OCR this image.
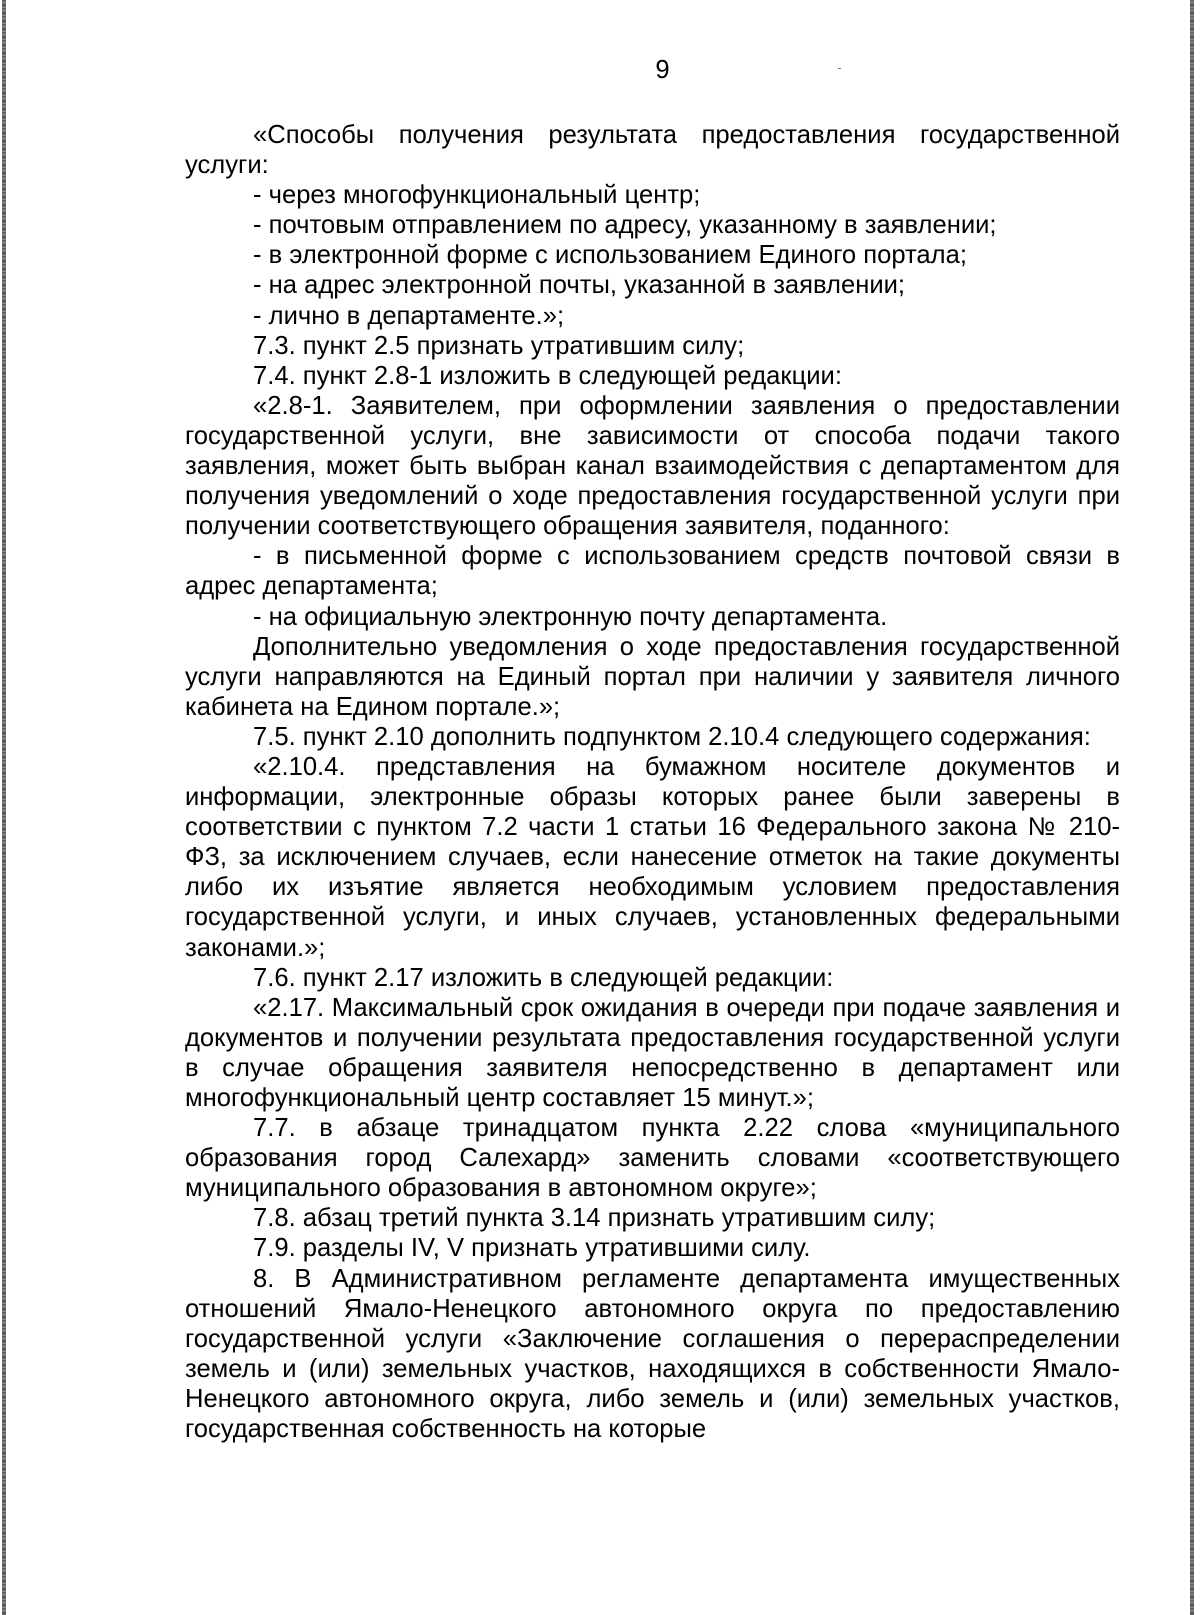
9

«Способы получения результата предоставления государственной услуги:

- через многофункциональный центр;

- почтовым отправлением по адресу, указанному в заявлении;

- в электронной форме с использованием Единого портала;

- на адрес электронной почты, указанной в заявлении;

- лично в департаменте.»;

7.3. пункт 2.5 признать утратившим силу;

7.4. пункт 2.8-1 изложить в следующей редакции:

«2.8-1. Заявителем, при оформлении заявления о предоставлении государственной услуги, вне зависимости от способа подачи такого заявления, может быть выбран канал взаимодействия с департаментом для получения уведомлений о ходе предоставления государственной услуги при получении соответствующего обращения заявителя, поданного:

- в письменной форме с использованием средств почтовой связи в адрес департамента;

- на официальную электронную почту департамента.

Дополнительно уведомления о ходе предоставления государственной услуги направляются на Единый портал при наличии у заявителя личного кабинета на Едином портале.»;

7.5. пункт 2.10 дополнить подпунктом 2.10.4 следующего содержания:

«2.10.4. представления на бумажном носителе документов и информации, электронные образы которых ранее были заверены в соответствии с пунктом 7.2 части 1 статьи 16 Федерального закона № 210-ФЗ, за исключением случаев, если нанесение отметок на такие документы либо их изъятие является необходимым условием предоставления государственной услуги, и иных случаев, установленных федеральными законами.»;

7.6. пункт 2.17 изложить в следующей редакции:

«2.17. Максимальный срок ожидания в очереди при подаче заявления и документов и получении результата предоставления государственной услуги в случае обращения заявителя непосредственно в департамент или многофункциональный центр составляет 15 минут.»;

7.7. в абзаце тринадцатом пункта 2.22 слова «муниципального образования город Салехард» заменить словами «соответствующего муниципального образования в автономном округе»;

7.8. абзац третий пункта 3.14 признать утратившим силу;

7.9. разделы IV, V признать утратившими силу.

8. В Административном регламенте департамента имущественных отношений Ямало-Ненецкого автономного округа по предоставлению государственной услуги «Заключение соглашения о перераспределении земель и (или) земельных участков, находящихся в собственности Ямало-Ненецкого автономного округа, либо земель и (или) земельных участков, государственная собственность на которые
